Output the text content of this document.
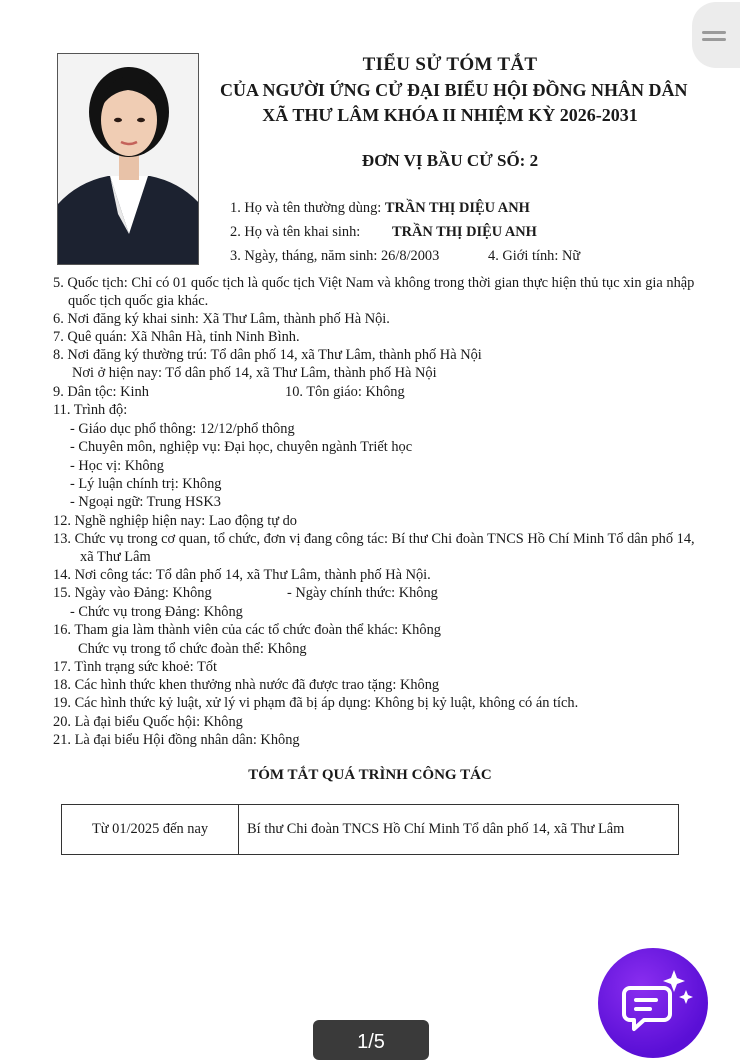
TIỂU SỬ TÓM TẮT
CỦA NGƯỜI ỨNG CỬ ĐẠI BIỂU HỘI ĐỒNG NHÂN DÂN
XÃ THƯ LÂM KHÓA II NHIỆM KỲ 2026-2031
ĐƠN VỊ BẦU CỬ SỐ: 2
1. Họ và tên thường dùng: TRẦN THỊ DIỆU ANH
2. Họ và tên khai sinh: TRẦN THỊ DIỆU ANH
3. Ngày, tháng, năm sinh: 26/8/2003	4. Giới tính: Nữ
5. Quốc tịch: Chỉ có 01 quốc tịch là quốc tịch Việt Nam và không trong thời gian thực hiện thủ tục xin gia nhập
quốc tịch quốc gia khác.
6. Nơi đăng ký khai sinh: Xã Thư Lâm, thành phố Hà Nội.
7. Quê quán: Xã Nhân Hà, tỉnh Ninh Bình.
8. Nơi đăng ký thường trú: Tổ dân phố 14, xã Thư Lâm, thành phố Hà Nội
Nơi ở hiện nay: Tổ dân phố 14, xã Thư Lâm, thành phố Hà Nội
9. Dân tộc: Kinh	10. Tôn giáo: Không
11. Trình độ:
- Giáo dục phổ thông: 12/12/phổ thông
- Chuyên môn, nghiệp vụ: Đại học, chuyên ngành Triết học
- Học vị: Không
- Lý luận chính trị: Không
- Ngoại ngữ: Trung HSK3
12. Nghề nghiệp hiện nay: Lao động tự do
13. Chức vụ trong cơ quan, tổ chức, đơn vị đang công tác: Bí thư Chi đoàn TNCS Hồ Chí Minh Tổ dân phố 14,
xã Thư Lâm
14. Nơi công tác: Tổ dân phố 14, xã Thư Lâm, thành phố Hà Nội.
15. Ngày vào Đảng: Không	- Ngày chính thức: Không
- Chức vụ trong Đảng: Không
16. Tham gia làm thành viên của các tổ chức đoàn thể khác: Không
Chức vụ trong tổ chức đoàn thể: Không
17. Tình trạng sức khoẻ: Tốt
18. Các hình thức khen thưởng nhà nước đã được trao tặng: Không
19. Các hình thức kỷ luật, xử lý vi phạm đã bị áp dụng: Không bị kỷ luật, không có án tích.
20. Là đại biểu Quốc hội: Không
21. Là đại biểu Hội đồng nhân dân: Không
TÓM TẮT QUÁ TRÌNH CÔNG TÁC
Từ 01/2025 đến nay	Bí thư Chi đoàn TNCS Hồ Chí Minh Tổ dân phố 14, xã Thư Lâm
1/5
